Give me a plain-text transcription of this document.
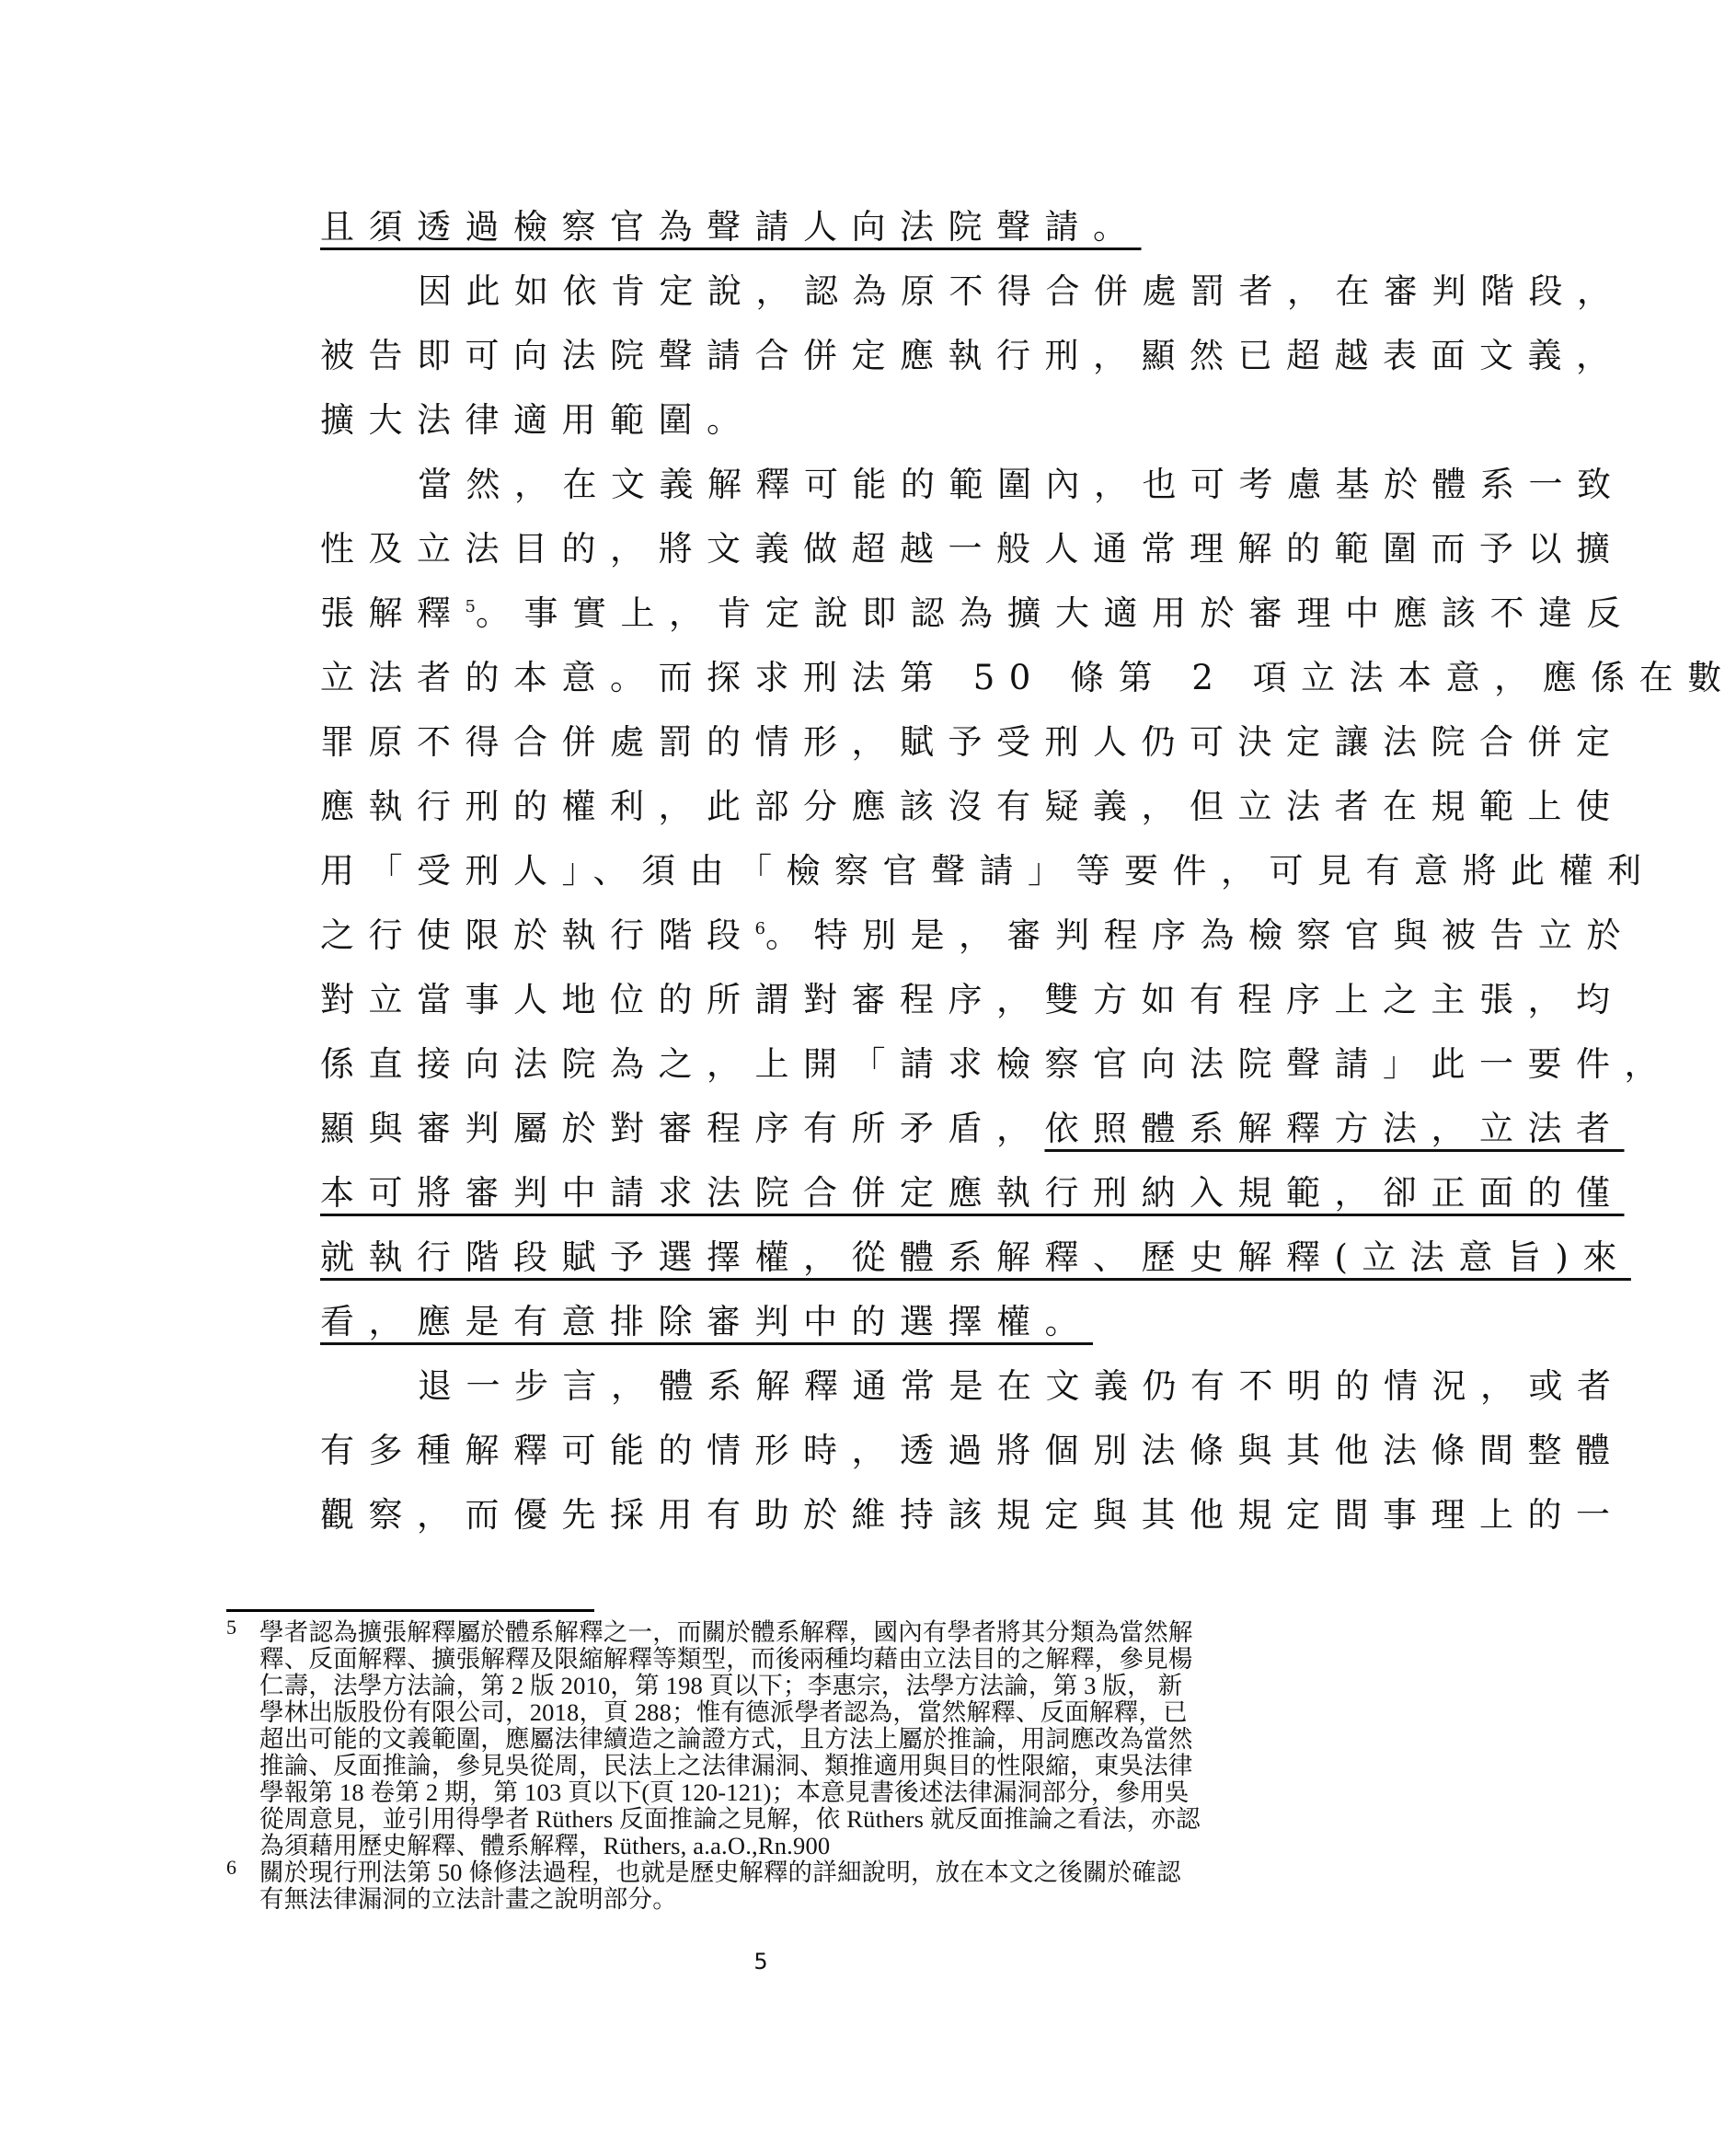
且須透過檢察官為聲請人向法院聲請。
因此如依肯定說，認為原不得合併處罰者，在審判階段，
被告即可向法院聲請合併定應執行刑，顯然已超越表面文義，
擴大法律適用範圍。
當然，在文義解釋可能的範圍內，也可考慮基於體系一致
性及立法目的，將文義做超越一般人通常理解的範圍而予以擴
張解釋$^5$。事實上，肯定說即認為擴大適用於審理中應該不違反
立法者的本意。而探求刑法第 50 條第 2 項立法本意，應係在數
罪原不得合併處罰的情形，賦予受刑人仍可決定讓法院合併定
應執行刑的權利，此部分應該沒有疑義，但立法者在規範上使
用「受刑人」、須由「檢察官聲請」等要件，可見有意將此權利
之行使限於執行階段$^6$。特別是，審判程序為檢察官與被告立於
對立當事人地位的所謂對審程序，雙方如有程序上之主張，均
係直接向法院為之，上開「請求檢察官向法院聲請」此一要件，
顯與審判屬於對審程序有所矛盾，依照體系解釋方法，立法者
本可將審判中請求法院合併定應執行刑納入規範，卻正面的僅
就執行階段賦予選擇權，從體系解釋、歷史解釋(立法意旨)來
看，應是有意排除審判中的選擇權。
退一步言，體系解釋通常是在文義仍有不明的情況，或者
有多種解釋可能的情形時，透過將個別法條與其他法條間整體
觀察，而優先採用有助於維持該規定與其他規定間事理上的一
5 學者認為擴張解釋屬於體系解釋之一，而關於體系解釋，國內有學者將其分類為當然解
釋、反面解釋、擴張解釋及限縮解釋等類型，而後兩種均藉由立法目的之解釋，參見楊
仁壽，法學方法論，第 2 版 2010，第 198 頁以下；李惠宗，法學方法論，第 3 版， 新
學林出版股份有限公司，2018，頁 288；惟有德派學者認為，當然解釋、反面解釋，已
超出可能的文義範圍，應屬法律續造之論證方式，且方法上屬於推論，用詞應改為當然
推論、反面推論，參見吳從周，民法上之法律漏洞、類推適用與目的性限縮，東吳法律
學報第 18 卷第 2 期，第 103 頁以下(頁 120-121)；本意見書後述法律漏洞部分，參用吳
從周意見，並引用得學者 Rüthers 反面推論之見解，依 Rüthers 就反面推論之看法，亦認
為須藉用歷史解釋、體系解釋，Rüthers, a.a.O.,Rn.900
6 關於現行刑法第 50 條修法過程，也就是歷史解釋的詳細說明，放在本文之後關於確認
有無法律漏洞的立法計畫之說明部分。
5
